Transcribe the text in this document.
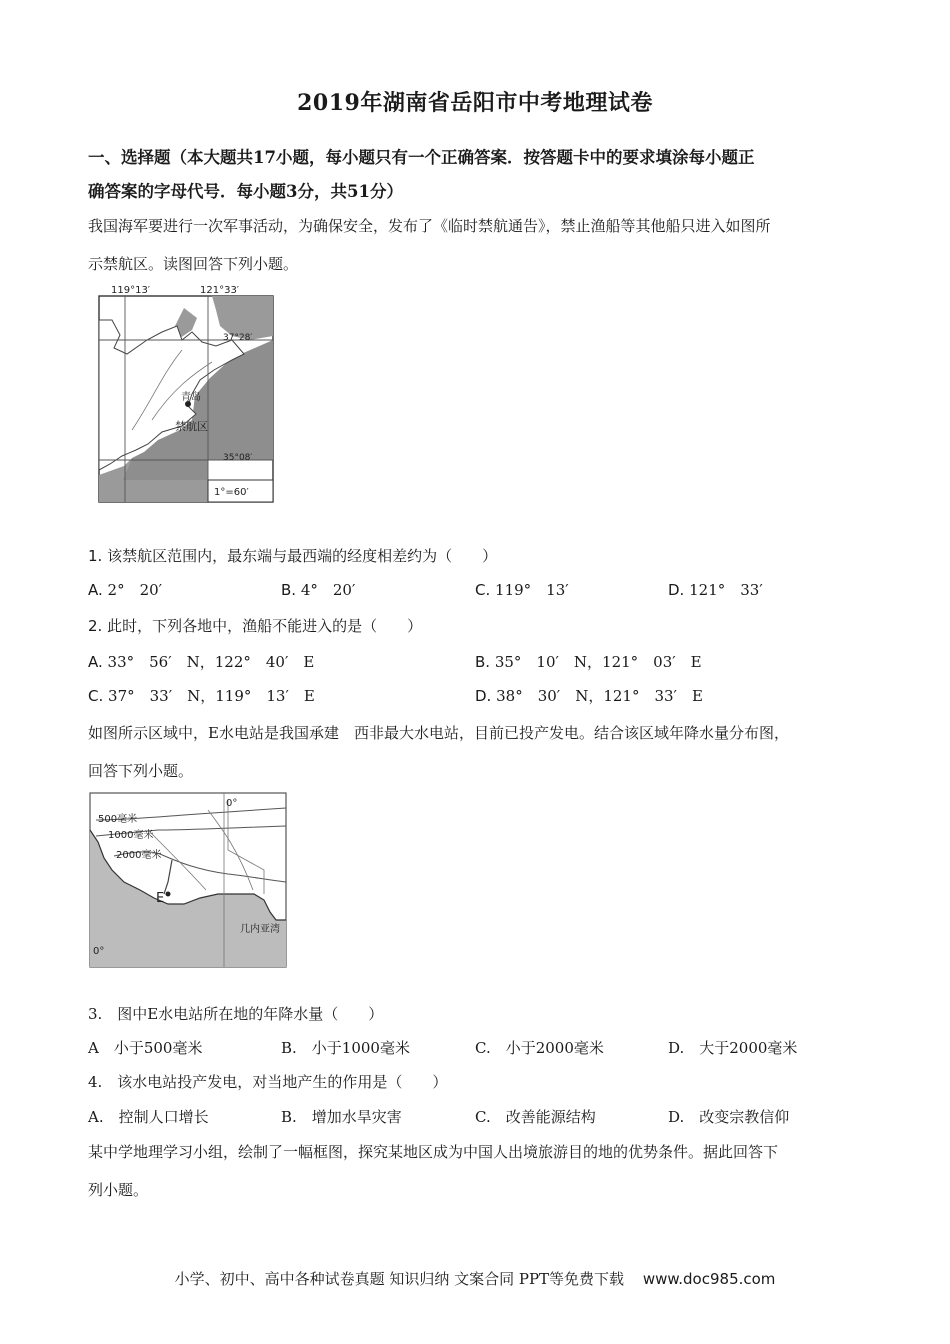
2019年湖南省岳阳市中考地理试卷
一、选择题（本大题共17小题，每小题只有一个正确答案．按答题卡中的要求填涂每小题正
确答案的字母代号．每小题3分，共51分）
我国海军要进行一次军事活动，为确保安全，发布了《临时禁航通告》，禁止渔船等其他船只进入如图所
示禁航区。读图回答下列小题。
119°13′	121°33′
37°28′
35°08′
青岛
禁航区
1°=60′
1. 该禁航区范围内，最东端与最西端的经度相差约为（　　）
A. 2°　20′	B. 4°　20′	C. 119°　13′	D. 121°　33′
2. 此时，下列各地中，渔船不能进入的是（　　）
A. 33°　56′　N，122°　40′　E	B. 35°　10′　N，121°　03′　E
C. 37°　33′　N，119°　13′　E	D. 38°　30′　N，121°　33′　E
如图所示区域中，E水电站是我国承建　西非最大水电站，目前已投产发电。结合该区域年降水量分布图，
回答下列小题。
500毫米
1000毫米
2000毫米
E
几内亚湾
0°
0°
3.　图中E水电站所在地的年降水量（　　）
A　小于500毫米	B.　小于1000毫米	C.　小于2000毫米	D.　大于2000毫米
4.　该水电站投产发电，对当地产生的作用是（　　）
A.　控制人口增长	B.　增加水旱灾害	C.　改善能源结构	D.　改变宗教信仰
某中学地理学习小组，绘制了一幅框图，探究某地区成为中国人出境旅游目的地的优势条件。据此回答下
列小题。
小学、初中、高中各种试卷真题 知识归纳 文案合同 PPT等免费下载 www.doc985.com
